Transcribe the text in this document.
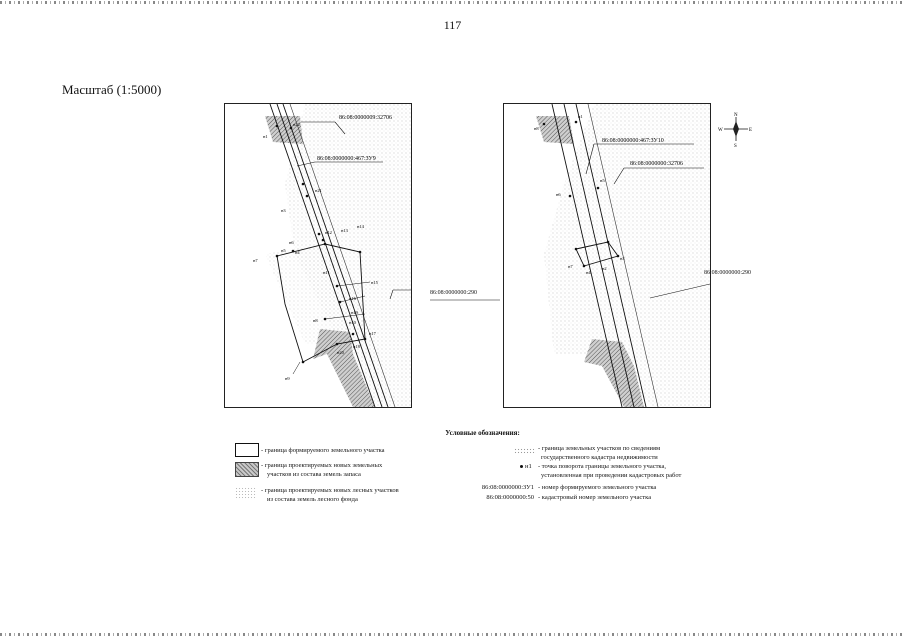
117
Масштаб (1:5000)
86:08:0000009:32706
86:08:0000000:467:ЗУ9
н1
н22
н21
н3
н12 н13
н14
н6
н5
н7
н15
н16
н8
н19
н17
н18
н20
н9
н10
н11
н4
86:08:0000000:290
н8
н1
н6
н5
н7
н4
н2
н3
86:08:0000000:467:ЗУ10
86:08:0000000:32706
86:08:0000000:290
N
S
W	E
Условные обозначения:
- граница формируемого земельного участка
- граница проектируемых новых земельных
участков из состава земель запаса
- граница проектируемых новых лесных участков
из состава земель лесного фонда
- граница земельных участков по сведениям
государственного кадастра недвижимости
н1 - точка поворота границы земельного участка,
установленная при проведении кадастровых работ
86:08:0000000:ЗУ1 - номер формируемого земельного участка
86:08:0000000:50 - кадастровый номер земельного участка
